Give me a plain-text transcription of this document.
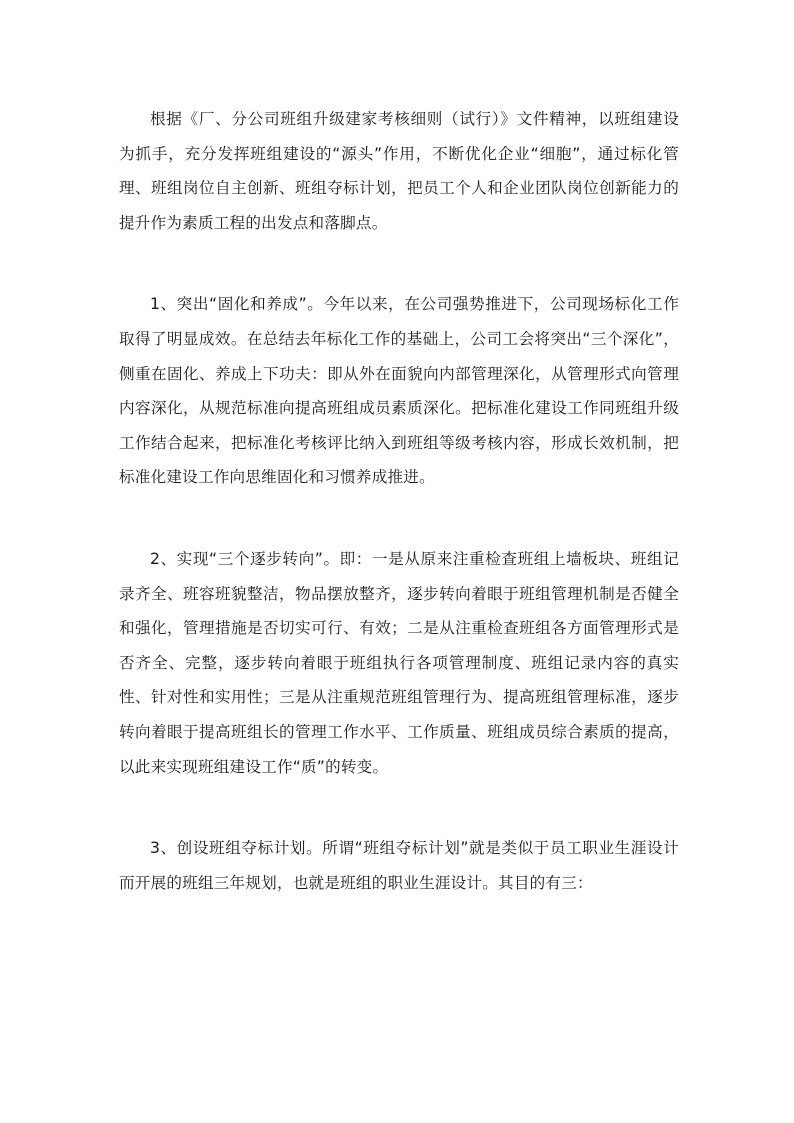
根据《厂、分公司班组升级建家考核细则（试行）》文件精神，以班组建设为抓手，充分发挥班组建设的“源头”作用，不断优化企业“细胞”，通过标化管理、班组岗位自主创新、班组夺标计划，把员工个人和企业团队岗位创新能力的提升作为素质工程的出发点和落脚点。

1、突出“固化和养成”。今年以来，在公司强势推进下，公司现场标化工作取得了明显成效。在总结去年标化工作的基础上，公司工会将突出“三个深化”，侧重在固化、养成上下功夫：即从外在面貌向内部管理深化，从管理形式向管理内容深化，从规范标准向提高班组成员素质深化。把标准化建设工作同班组升级工作结合起来，把标准化考核评比纳入到班组等级考核内容，形成长效机制，把标准化建设工作向思维固化和习惯养成推进。

2、实现“三个逐步转向”。即：一是从原来注重检查班组上墙板块、班组记录齐全、班容班貌整洁，物品摆放整齐，逐步转向着眼于班组管理机制是否健全和强化，管理措施是否切实可行、有效；二是从注重检查班组各方面管理形式是否齐全、完整，逐步转向着眼于班组执行各项管理制度、班组记录内容的真实性、针对性和实用性；三是从注重规范班组管理行为、提高班组管理标准，逐步转向着眼于提高班组长的管理工作水平、工作质量、班组成员综合素质的提高，以此来实现班组建设工作“质”的转变。

3、创设班组夺标计划。所谓“班组夺标计划”就是类似于员工职业生涯设计而开展的班组三年规划，也就是班组的职业生涯设计。其目的有三：
